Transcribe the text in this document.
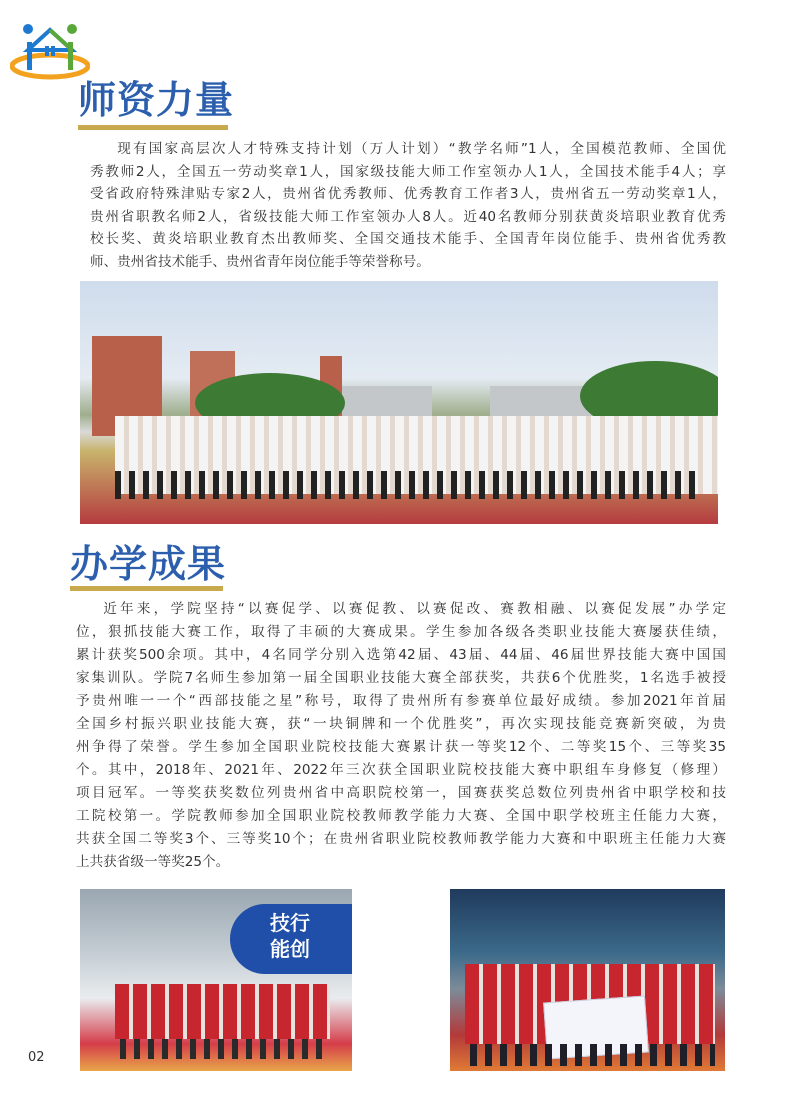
师资力量
现有国家高层次人才特殊支持计划（万人计划）“教学名师”1人，全国模范教师、全国优
秀教师2人，全国五一劳动奖章1人，国家级技能大师工作室领办人1人，全国技术能手4人；享
受省政府特殊津贴专家2人，贵州省优秀教师、优秀教育工作者3人，贵州省五一劳动奖章1人，
贵州省职教名师2人，省级技能大师工作室领办人8人。近40名教师分别获黄炎培职业教育优秀
校长奖、黄炎培职业教育杰出教师奖、全国交通技术能手、全国青年岗位能手、贵州省优秀教
师、贵州省技术能手、贵州省青年岗位能手等荣誉称号。
办学成果
近年来，学院坚持“以赛促学、以赛促教、以赛促改、赛教相融、以赛促发展”办学定
位，狠抓技能大赛工作，取得了丰硕的大赛成果。学生参加各级各类职业技能大赛屡获佳绩，
累计获奖500余项。其中，4名同学分别入选第42届、43届、44届、46届世界技能大赛中国国
家集训队。学院7名师生参加第一届全国职业技能大赛全部获奖，共获6个优胜奖，1名选手被授
予贵州唯一一个“西部技能之星”称号，取得了贵州所有参赛单位最好成绩。参加2021年首届
全国乡村振兴职业技能大赛，获“一块铜牌和一个优胜奖”，再次实现技能竞赛新突破，为贵
州争得了荣誉。学生参加全国职业院校技能大赛累计获一等奖12个、二等奖15个、三等奖35
个。其中，2018年、2021年、2022年三次获全国职业院校技能大赛中职组车身修复（修理）
项目冠军。一等奖获奖数位列贵州省中高职院校第一，国赛获奖总数位列贵州省中职学校和技
工院校第一。学院教师参加全国职业院校教师教学能力大赛、全国中职学校班主任能力大赛，
共获全国二等奖3个、三等奖10个；在贵州省职业院校教师教学能力大赛和中职班主任能力大赛
上共获省级一等奖25个。
技行
能创
02
